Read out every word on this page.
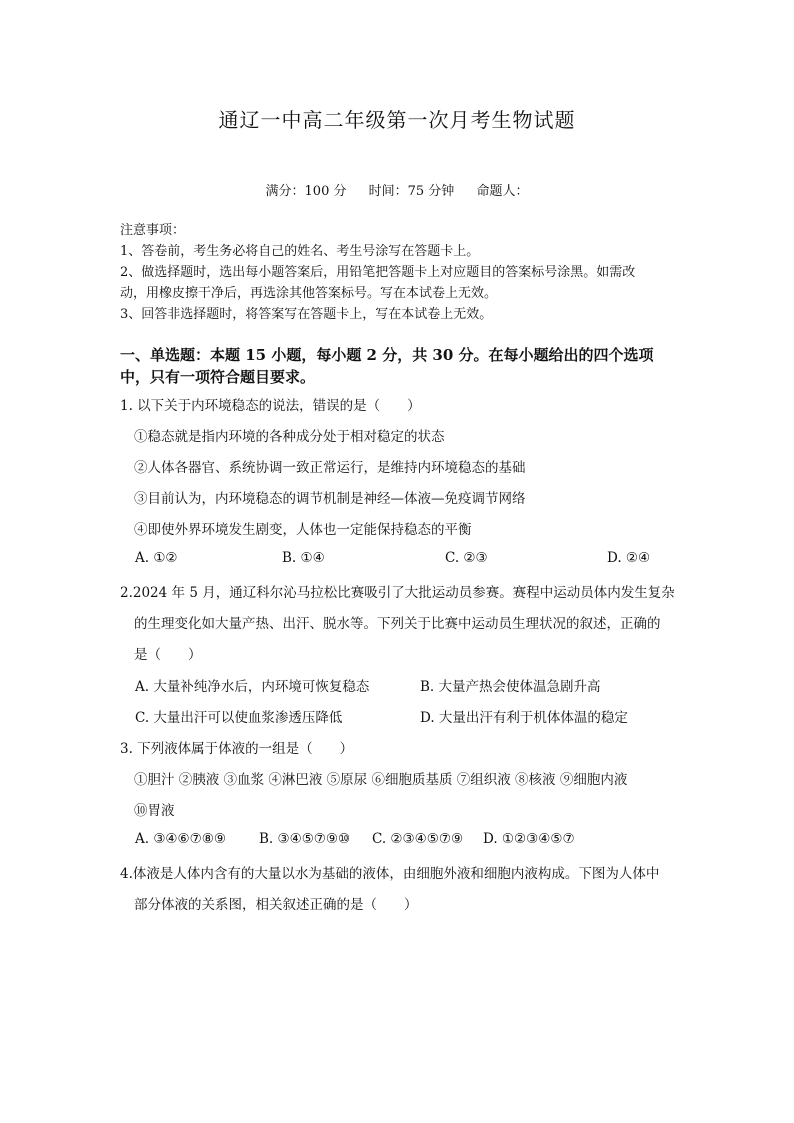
通辽一中高二年级第一次月考生物试题
满分：100 分 时间：75 分钟 命题人：
注意事项：
1、答卷前，考生务必将自己的姓名、考生号涂写在答题卡上。
2、做选择题时，选出每小题答案后，用铅笔把答题卡上对应题目的答案标号涂黑。如需改
动，用橡皮擦干净后，再选涂其他答案标号。写在本试卷上无效。
3、回答非选择题时，将答案写在答题卡上，写在本试卷上无效。
一、单选题：本题 15 小题，每小题 2 分，共 30 分。在每小题给出的四个选项
中，只有一项符合题目要求。
1. 以下关于内环境稳态的说法，错误的是（　　）
①稳态就是指内环境的各种成分处于相对稳定的状态
②人体各器官、系统协调一致正常运行，是维持内环境稳态的基础
③目前认为，内环境稳态的调节机制是神经—体液—免疫调节网络
④即使外界环境发生剧变，人体也一定能保持稳态的平衡
A. ①②	B. ①④	C. ②③	D. ②④
2.2024 年 5 月，通辽科尔沁马拉松比赛吸引了大批运动员参赛。赛程中运动员体内发生复杂
的生理变化如大量产热、出汗、脱水等。下列关于比赛中运动员生理状况的叙述，正确的
是（　　）
A. 大量补纯净水后，内环境可恢复稳态	B. 大量产热会使体温急剧升高
C. 大量出汗可以使血浆渗透压降低	D. 大量出汗有利于机体体温的稳定
3. 下列液体属于体液的一组是（　　）
①胆汁 ②胰液 ③血浆 ④淋巴液 ⑤原尿 ⑥细胞质基质 ⑦组织液 ⑧核液 ⑨细胞内液
⑩胃液
A. ③④⑥⑦⑧⑨ B. ③④⑤⑦⑨⑩ C. ②③④⑤⑦⑨ D. ①②③④⑤⑦
4.体液是人体内含有的大量以水为基础的液体，由细胞外液和细胞内液构成。下图为人体中
部分体液的关系图，相关叙述正确的是（　　）
